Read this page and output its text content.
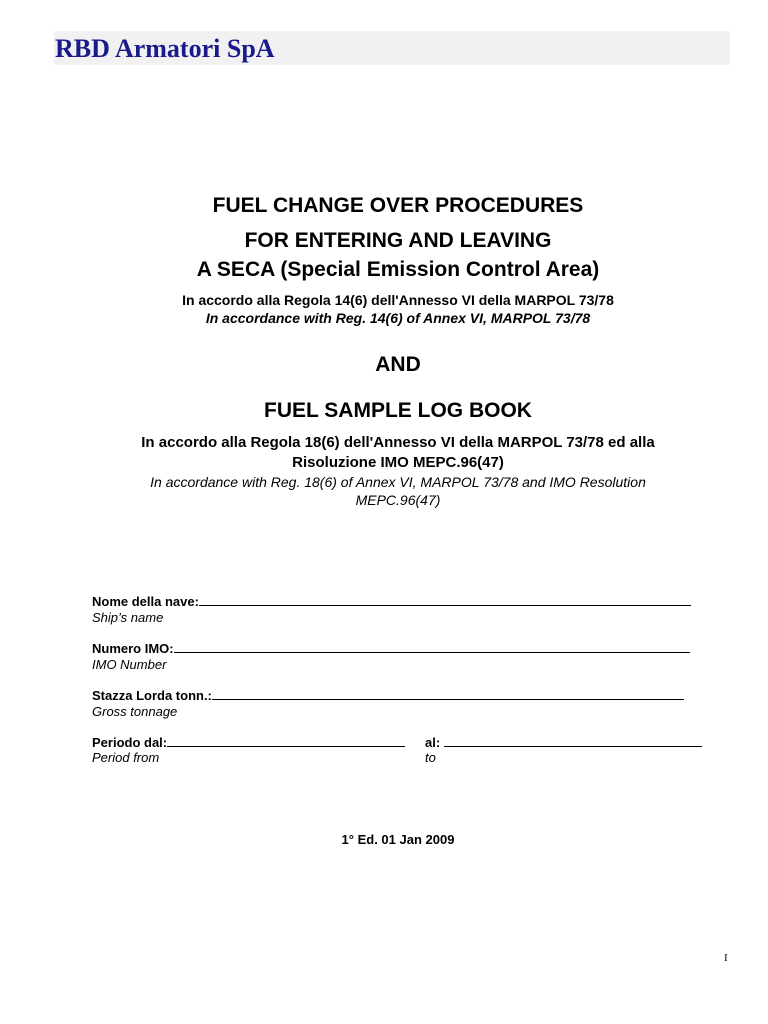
RBD Armatori SpA
FUEL CHANGE OVER PROCEDURES
FOR ENTERING AND LEAVING
A SECA (Special Emission Control Area)
In accordo alla Regola 14(6) dell'Annesso VI della MARPOL 73/78
In accordance with Reg. 14(6) of Annex VI, MARPOL 73/78
AND
FUEL SAMPLE LOG BOOK
In accordo alla Regola 18(6) dell'Annesso VI della MARPOL 73/78 ed alla
Risoluzione IMO MEPC.96(47)
In accordance with Reg. 18(6) of Annex VI, MARPOL 73/78 and IMO Resolution
MEPC.96(47)
Nome della nave:
Ship’s name
Numero IMO:
IMO Number
Stazza Lorda tonn.:
Gross tonnage
Periodo dal:	al:
Period from	to
1° Ed. 01 Jan 2009
I
